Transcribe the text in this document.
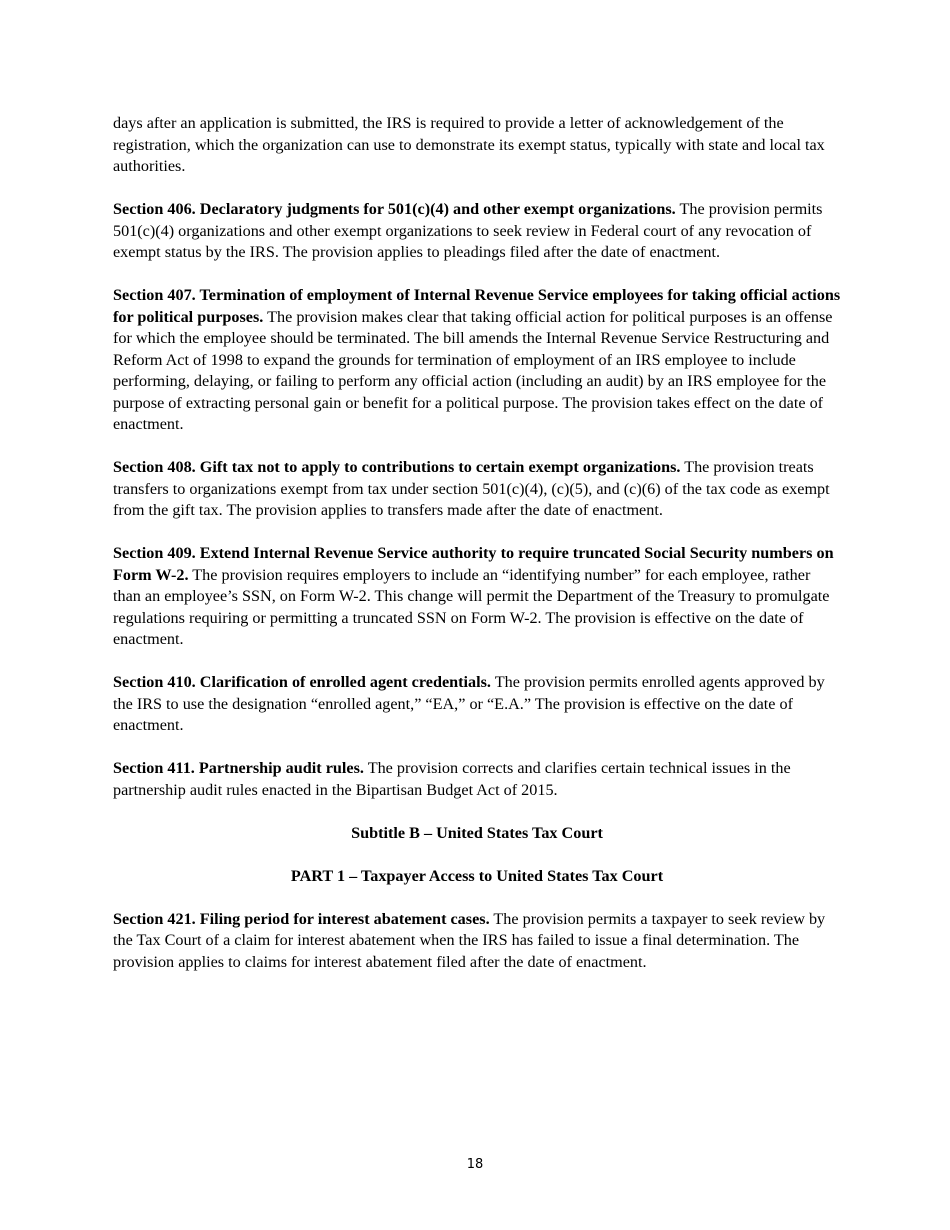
days after an application is submitted, the IRS is required to provide a letter of acknowledgement of the registration, which the organization can use to demonstrate its exempt status, typically with state and local tax authorities.

Section 406. Declaratory judgments for 501(c)(4) and other exempt organizations. The provision permits 501(c)(4) organizations and other exempt organizations to seek review in Federal court of any revocation of exempt status by the IRS. The provision applies to pleadings filed after the date of enactment.

Section 407. Termination of employment of Internal Revenue Service employees for taking official actions for political purposes. The provision makes clear that taking official action for political purposes is an offense for which the employee should be terminated. The bill amends the Internal Revenue Service Restructuring and Reform Act of 1998 to expand the grounds for termination of employment of an IRS employee to include performing, delaying, or failing to perform any official action (including an audit) by an IRS employee for the purpose of extracting personal gain or benefit for a political purpose. The provision takes effect on the date of enactment.

Section 408. Gift tax not to apply to contributions to certain exempt organizations. The provision treats transfers to organizations exempt from tax under section 501(c)(4), (c)(5), and (c)(6) of the tax code as exempt from the gift tax. The provision applies to transfers made after the date of enactment.

Section 409. Extend Internal Revenue Service authority to require truncated Social Security numbers on Form W-2. The provision requires employers to include an “identifying number” for each employee, rather than an employee’s SSN, on Form W-2. This change will permit the Department of the Treasury to promulgate regulations requiring or permitting a truncated SSN on Form W-2. The provision is effective on the date of enactment.

Section 410. Clarification of enrolled agent credentials. The provision permits enrolled agents approved by the IRS to use the designation “enrolled agent,” “EA,” or “E.A.” The provision is effective on the date of enactment.

Section 411. Partnership audit rules. The provision corrects and clarifies certain technical issues in the partnership audit rules enacted in the Bipartisan Budget Act of 2015.

Subtitle B – United States Tax Court

PART 1 – Taxpayer Access to United States Tax Court

Section 421. Filing period for interest abatement cases. The provision permits a taxpayer to seek review by the Tax Court of a claim for interest abatement when the IRS has failed to issue a final determination. The provision applies to claims for interest abatement filed after the date of enactment.

18
